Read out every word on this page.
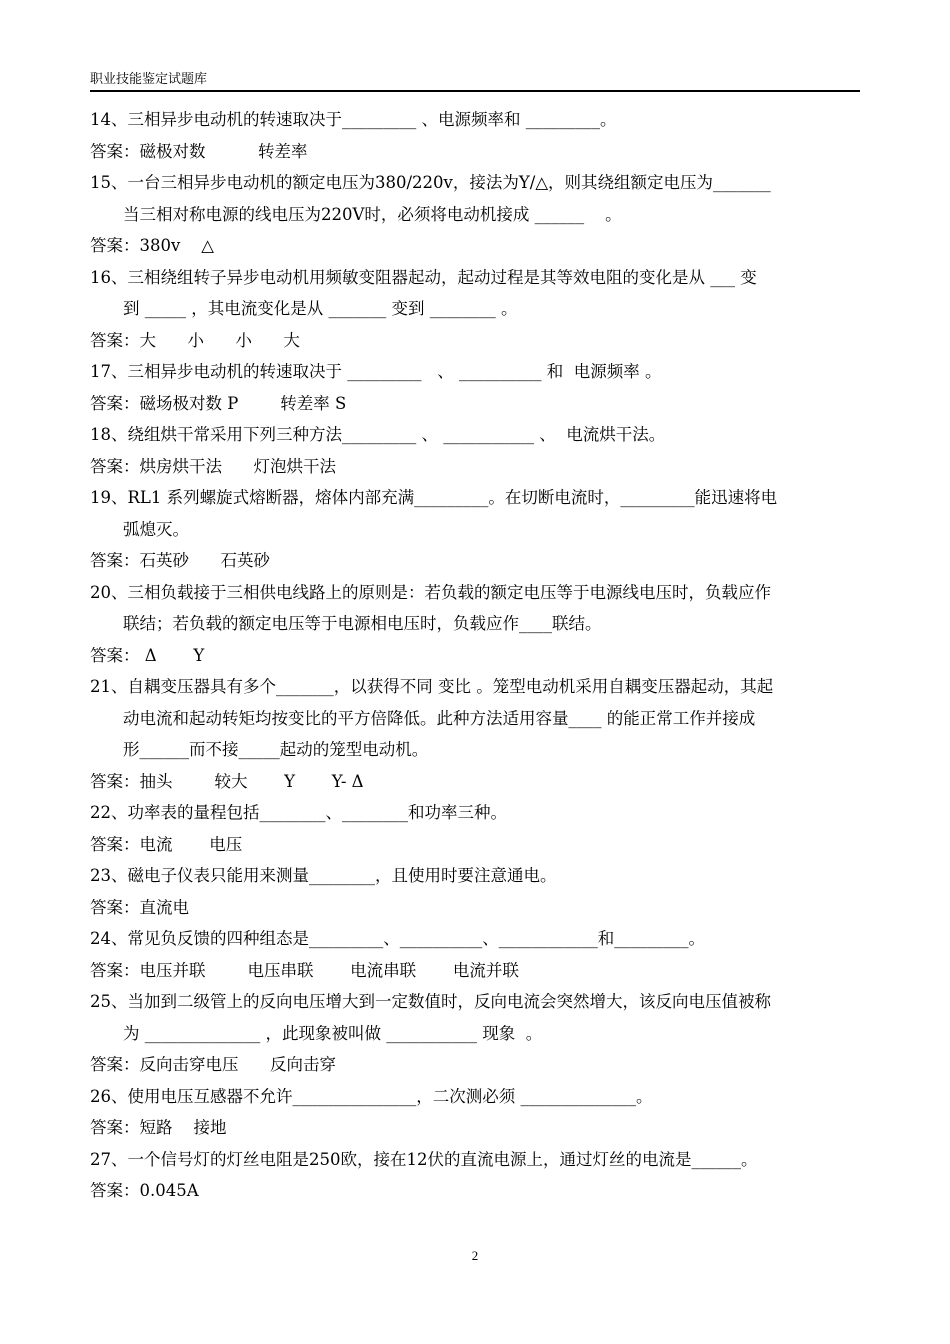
职业技能鉴定试题库
14、三相异步电动机的转速取决于_________ 、电源频率和 _________。
答案：磁极对数          转差率
15、一台三相异步电动机的额定电压为380/220v，接法为Y/△，则其绕组额定电压为_______
当三相对称电源的线电压为220V时，必须将电动机接成 ______    。
答案：380v    △
16、三相绕组转子异步电动机用频敏变阻器起动，起动过程是其等效电阻的变化是从 ___ 变
到 _____ ，其电流变化是从 _______ 变到 ________ 。
答案：大      小      小      大
17、三相异步电动机的转速取决于 _________   、 __________ 和  电源频率 。
答案：磁场极对数 P        转差率 S
18、绕组烘干常采用下列三种方法_________ 、 ___________ 、  电流烘干法。
答案：烘房烘干法      灯泡烘干法
19、RL1 系列螺旋式熔断器，熔体内部充满_________。在切断电流时，_________能迅速将电
弧熄灭。
答案：石英砂      石英砂
20、三相负载接于三相供电线路上的原则是：若负载的额定电压等于电源线电压时，负载应作
联结；若负载的额定电压等于电源相电压时，负载应作____联结。
答案： Δ       Y
21、自耦变压器具有多个_______，以获得不同 变比 。笼型电动机采用自耦变压器起动，其起
动电流和起动转矩均按变比的平方倍降低。此种方法适用容量____ 的能正常工作并接成
形______而不接_____起动的笼型电动机。
答案：抽头        较大       Y       Y- Δ
22、功率表的量程包括________、________和功率三种。
答案：电流       电压
23、磁电子仪表只能用来测量________，且使用时要注意通电。
答案：直流电
24、常见负反馈的四种组态是_________、__________、____________和_________。
答案：电压并联        电压串联       电流串联       电流并联
25、当加到二级管上的反向电压增大到一定数值时，反向电流会突然增大，该反向电压值被称
为 ______________ ，此现象被叫做 ___________ 现象  。
答案：反向击穿电压      反向击穿
26、使用电压互感器不允许_______________，二次测必须 ______________。
答案：短路    接地
27、一个信号灯的灯丝电阻是250欧，接在12伏的直流电源上，通过灯丝的电流是______。
答案：0.045A
2
